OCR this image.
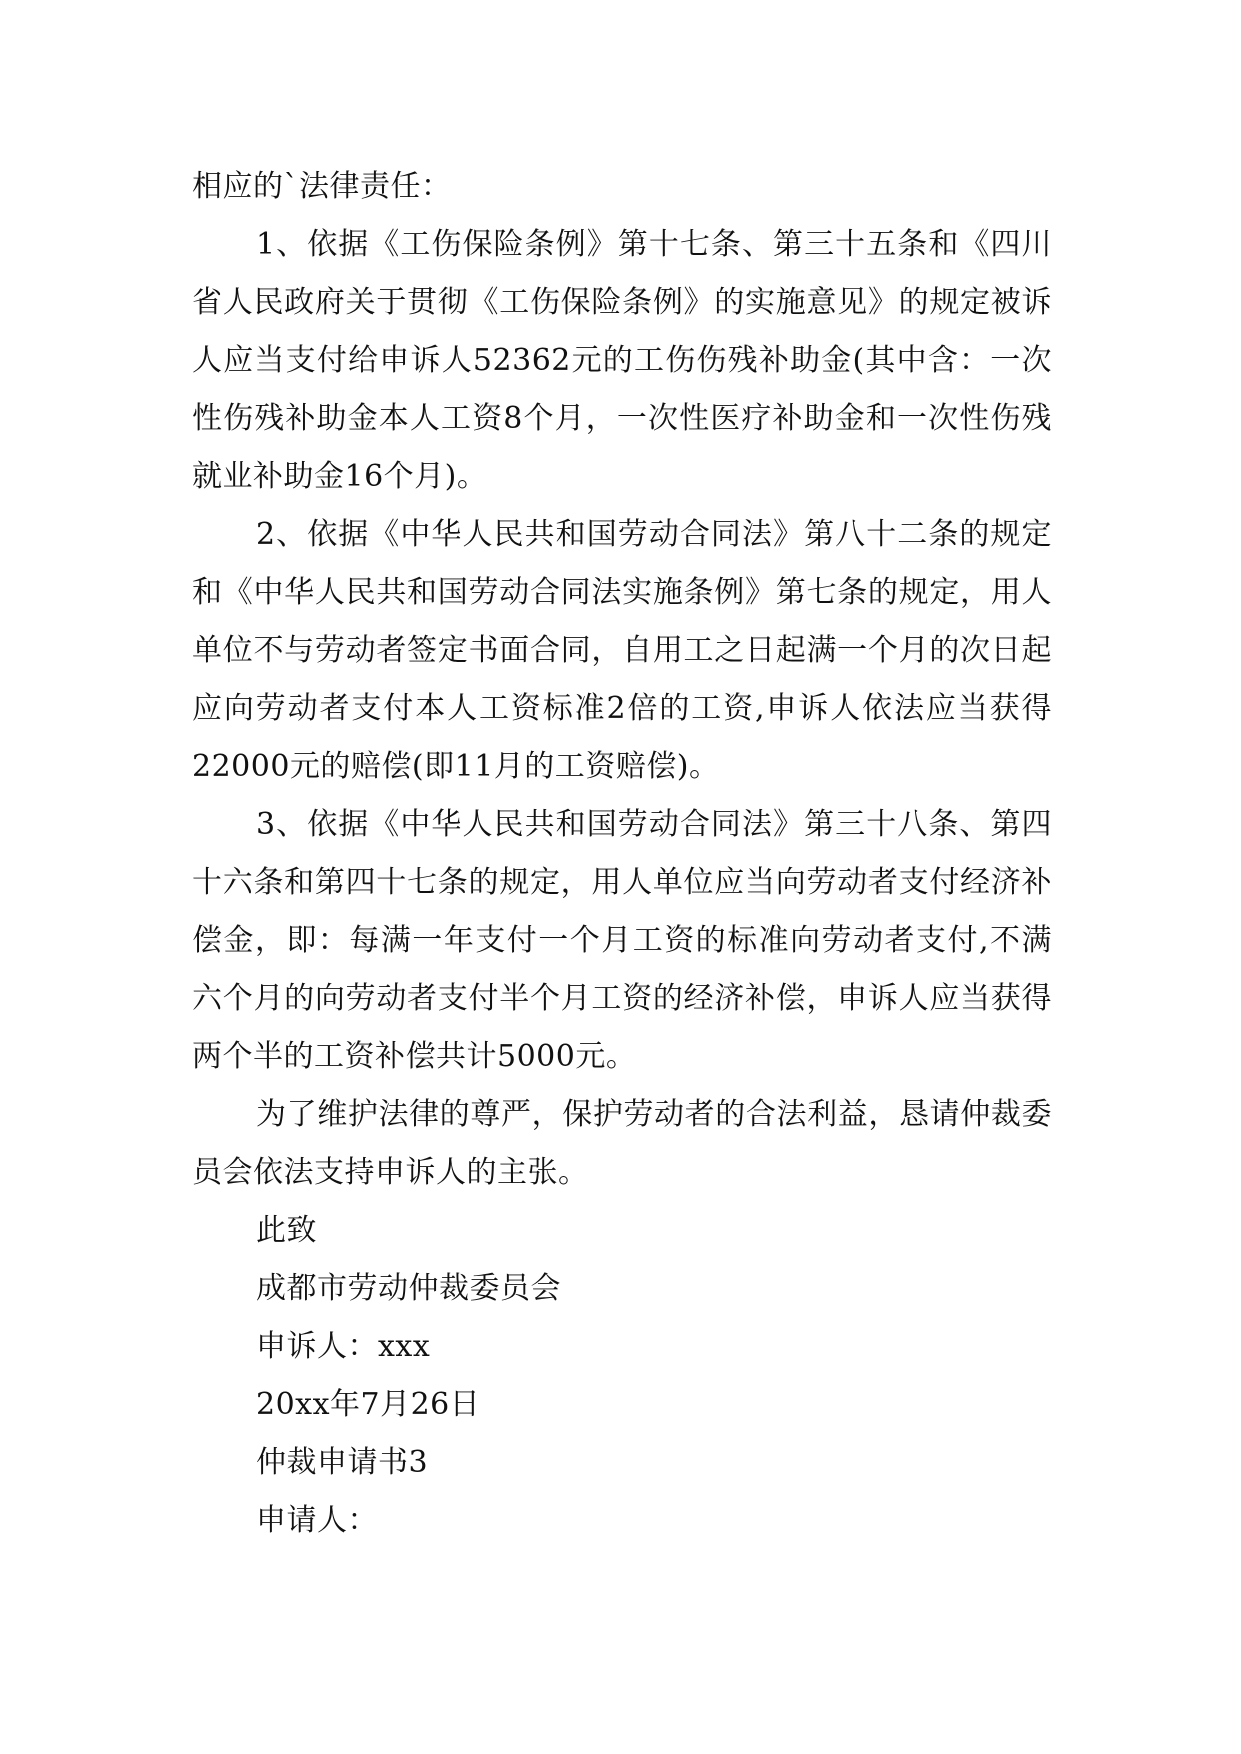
相应的`法律责任：

1、依据《工伤保险条例》第十七条、第三十五条和《四川省人民政府关于贯彻《工伤保险条例》的实施意见》的规定被诉人应当支付给申诉人52362元的工伤伤残补助金(其中含：一次性伤残补助金本人工资8个月，一次性医疗补助金和一次性伤残就业补助金16个月)。

2、依据《中华人民共和国劳动合同法》第八十二条的规定和《中华人民共和国劳动合同法实施条例》第七条的规定，用人单位不与劳动者签定书面合同，自用工之日起满一个月的次日起应向劳动者支付本人工资标准2倍的工资,申诉人依法应当获得22000元的赔偿(即11月的工资赔偿)。

3、依据《中华人民共和国劳动合同法》第三十八条、第四十六条和第四十七条的规定，用人单位应当向劳动者支付经济补偿金，即：每满一年支付一个月工资的标准向劳动者支付,不满六个月的向劳动者支付半个月工资的经济补偿，申诉人应当获得两个半的工资补偿共计5000元。

为了维护法律的尊严，保护劳动者的合法利益，恳请仲裁委员会依法支持申诉人的主张。

此致

成都市劳动仲裁委员会

申诉人：xxx

20xx年7月26日

仲裁申请书3

申请人：
